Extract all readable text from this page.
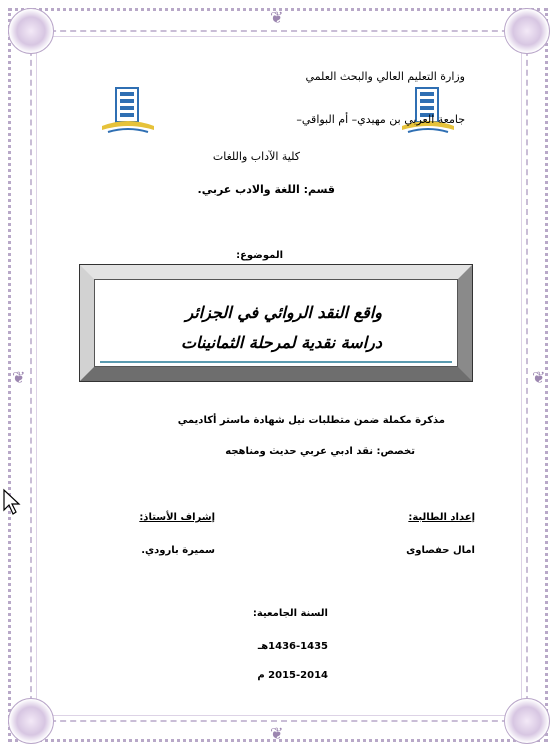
❦
❦
❦	❦
وزارة التعليم العالي والبحث العلمي
جامعة العربي بن مهيدي– أم البواقي–
كلية الآداب واللغات
قسم: اللغة والادب عربي.
الموضوع:
واقع النقد الروائي في الجزائر
دراسة نقدية لمرحلة الثمانينات
مذكرة مكملة ضمن متطلبات نيل شهادة ماستر أكاديمي
تخصص: نقد ادبي عربي حديث ومناهجه
إعداد الطالبة:
إشراف الأستاذ:
امال حفصاوى
سميرة بارودي.
السنة الجامعية:
1436-1435هـ
2015-2014 م
